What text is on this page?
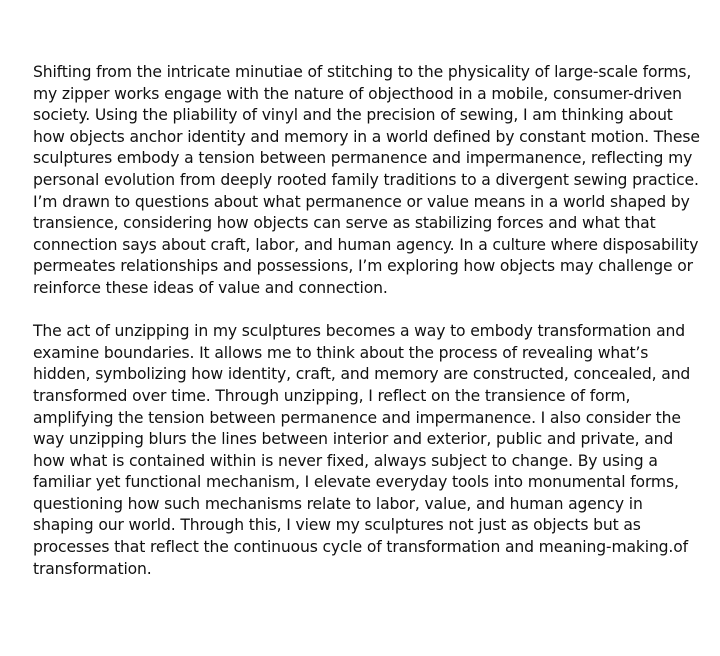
Shifting from the intricate minutiae of stitching to the physicality of large-scale forms, my zipper works engage with the nature of objecthood in a mobile, consumer-driven society. Using the pliability of vinyl and the precision of sewing, I am thinking about how objects anchor identity and memory in a world defined by constant motion. These sculptures embody a tension between permanence and impermanence, reflecting my personal evolution from deeply rooted family traditions to a divergent sewing practice. I’m drawn to questions about what permanence or value means in a world shaped by transience, considering how objects can serve as stabilizing forces and what that connection says about craft, labor, and human agency. In a culture where disposability permeates relationships and possessions, I’m exploring how objects may challenge or reinforce these ideas of value and connection.

The act of unzipping in my sculptures becomes a way to embody transformation and examine boundaries. It allows me to think about the process of revealing what’s hidden, symbolizing how identity, craft, and memory are constructed, concealed, and transformed over time. Through unzipping, I reflect on the transience of form, amplifying the tension between permanence and impermanence. I also consider the way unzipping blurs the lines between interior and exterior, public and private, and how what is contained within is never fixed, always subject to change. By using a familiar yet functional mechanism, I elevate everyday tools into monumental forms, questioning how such mechanisms relate to labor, value, and human agency in shaping our world. Through this, I view my sculptures not just as objects but as processes that reflect the continuous cycle of transformation and meaning-making.of transformation.
